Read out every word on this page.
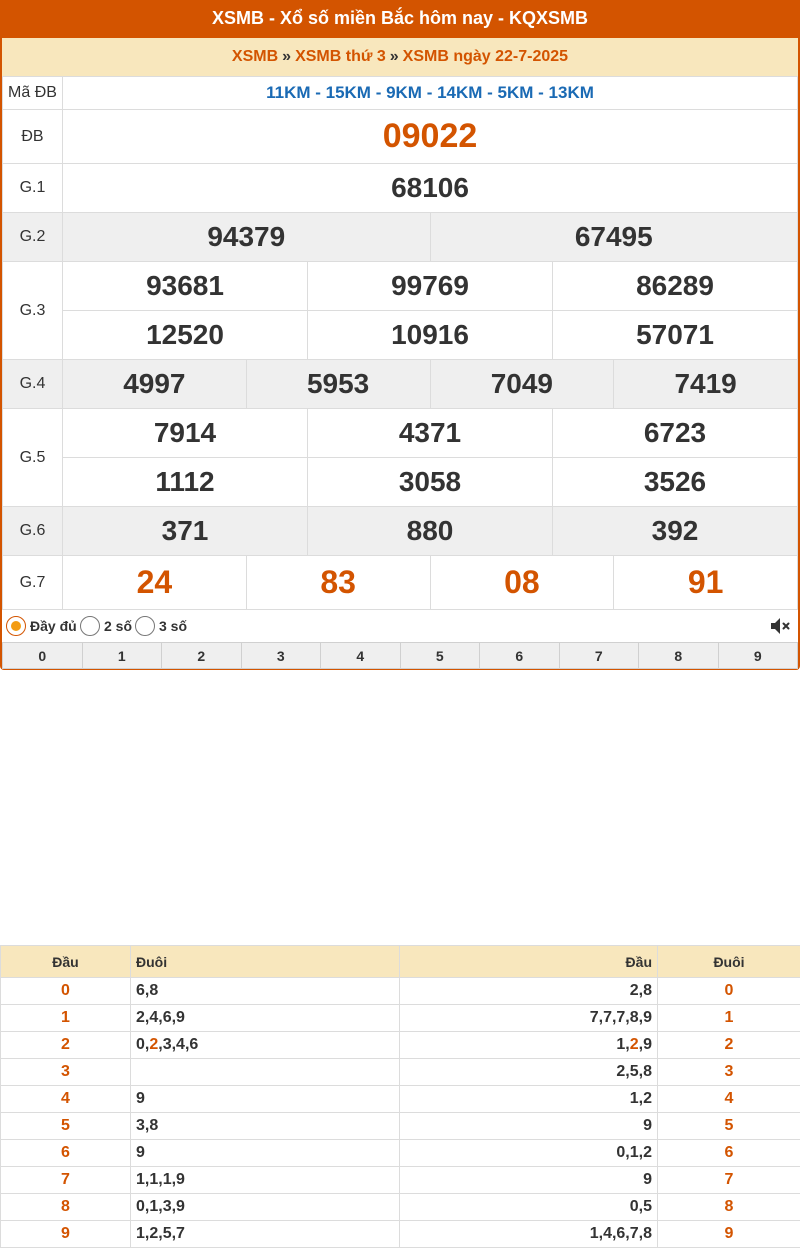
XSMB - Xổ số miền Bắc hôm nay - KQXSMB
XSMB » XSMB thứ 3 » XSMB ngày 22-7-2025
Mã ĐB	11KM - 15KM - 9KM - 14KM - 5KM - 13KM					
ĐB	09022					
G.1	68106					
G.2	94379			67495		
G.3	93681		99769		86289	
	12520		10916		57071	
G.4	4997	5953		7049		7419
G.5	7914		4371		6723	
	1112		3058		3526	
G.6	371		880		392	
G.7	24	83		08		91
Đầy đủ 2 số 3 số
0	1	2	3	4	5	6	7	8	9
Đầu	Đuôi	Đầu	Đuôi
0	6,8	2,8	0
1	2,4,6,9	7,7,7,8,9	1
2	0,2,3,4,6	1,2,9	2
3		2,5,8	3
4	9	1,2	4
5	3,8	9	5
6	9	0,1,2	6
7	1,1,1,9	9	7
8	0,1,3,9	0,5	8
9	1,2,5,7	1,4,6,7,8	9
